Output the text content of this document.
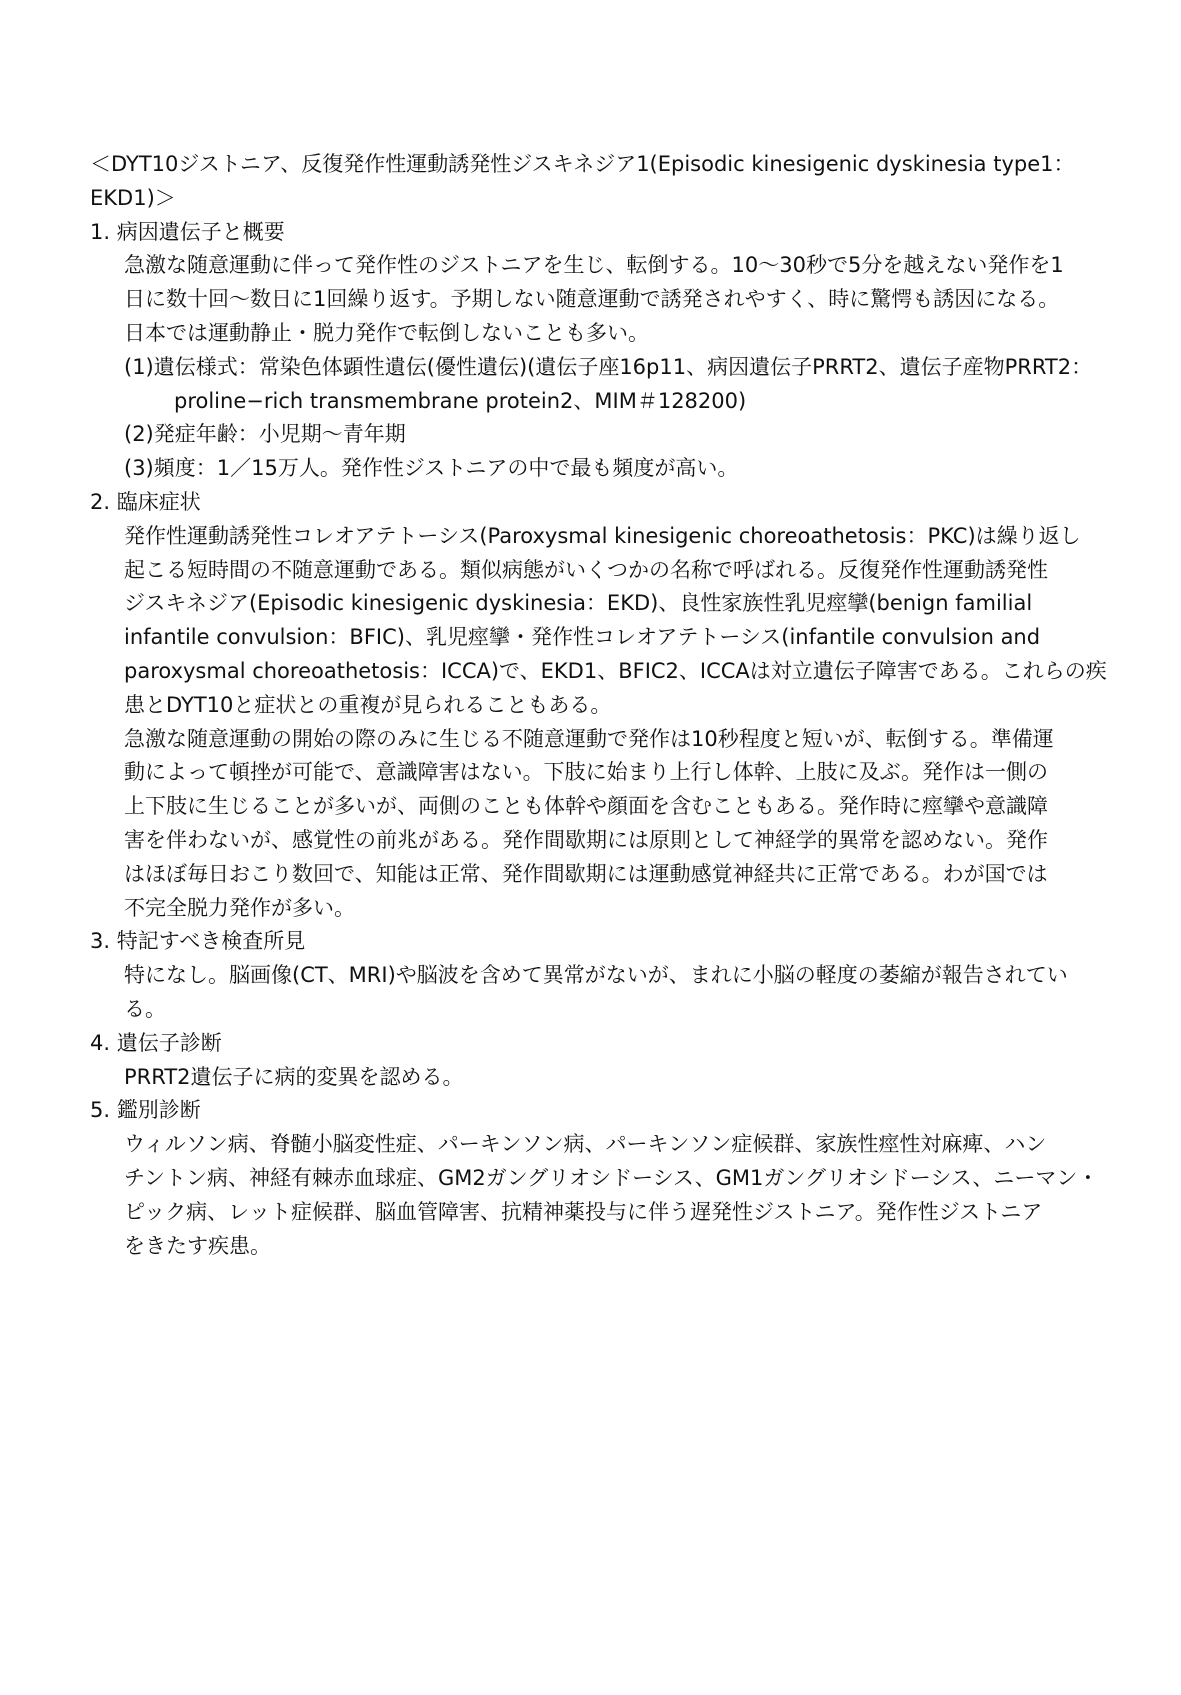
＜DYT10ジストニア、反復発作性運動誘発性ジスキネジア1(Episodic kinesigenic dyskinesia type1：
EKD1)＞
1. 病因遺伝子と概要
急激な随意運動に伴って発作性のジストニアを生じ、転倒する。10〜30秒で5分を越えない発作を1
日に数十回〜数日に1回繰り返す。予期しない随意運動で誘発されやすく、時に驚愕も誘因になる。
日本では運動静止・脱力発作で転倒しないことも多い。
(1)遺伝様式：常染色体顕性遺伝(優性遺伝)(遺伝子座16p11、病因遺伝子PRRT2、遺伝子産物PRRT2：
proline−rich transmembrane protein2、MIM＃128200)
(2)発症年齢：小児期〜青年期
(3)頻度：1／15万人。発作性ジストニアの中で最も頻度が高い。
2. 臨床症状
発作性運動誘発性コレオアテトーシス(Paroxysmal kinesigenic choreoathetosis：PKC)は繰り返し
起こる短時間の不随意運動である。類似病態がいくつかの名称で呼ばれる。反復発作性運動誘発性
ジスキネジア(Episodic kinesigenic dyskinesia：EKD)、良性家族性乳児痙攣(benign familial
infantile convulsion：BFIC)、乳児痙攣・発作性コレオアテトーシス(infantile convulsion and
paroxysmal choreoathetosis：ICCA)で、EKD1、BFIC2、ICCAは対立遺伝子障害である。これらの疾
患とDYT10と症状との重複が見られることもある。
急激な随意運動の開始の際のみに生じる不随意運動で発作は10秒程度と短いが、転倒する。準備運
動によって頓挫が可能で、意識障害はない。下肢に始まり上行し体幹、上肢に及ぶ。発作は一側の
上下肢に生じることが多いが、両側のことも体幹や顔面を含むこともある。発作時に痙攣や意識障
害を伴わないが、感覚性の前兆がある。発作間歇期には原則として神経学的異常を認めない。発作
はほぼ毎日おこり数回で、知能は正常、発作間歇期には運動感覚神経共に正常である。わが国では
不完全脱力発作が多い。
3. 特記すべき検査所見
特になし。脳画像(CT、MRI)や脳波を含めて異常がないが、まれに小脳の軽度の萎縮が報告されてい
る。
4. 遺伝子診断
PRRT2遺伝子に病的変異を認める。
5. 鑑別診断
ウィルソン病、脊髄小脳変性症、パーキンソン病、パーキンソン症候群、家族性痙性対麻痺、ハン
チントン病、神経有棘赤血球症、GM2ガングリオシドーシス、GM1ガングリオシドーシス、ニーマン・
ピック病、レット症候群、脳血管障害、抗精神薬投与に伴う遅発性ジストニア。発作性ジストニア
をきたす疾患。
